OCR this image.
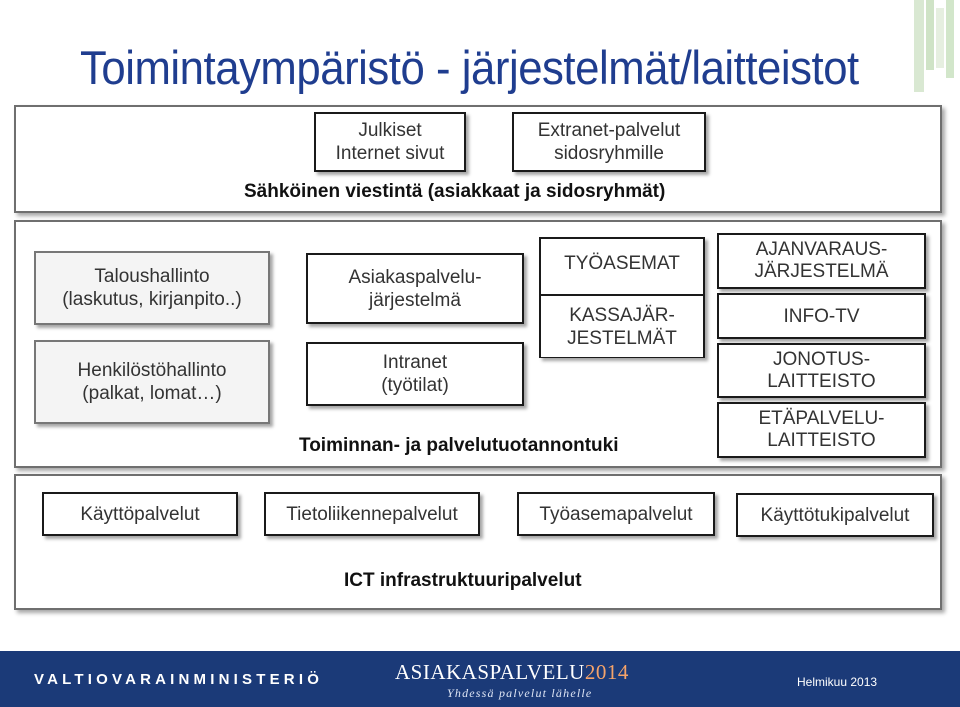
Toimintaympäristö - järjestelmät/laitteistot
Julkiset
Internet sivut
Extranet-palvelut
sidosryhmille
Sähköinen viestintä (asiakkaat ja sidosryhmät)
Taloushallinto
(laskutus, kirjanpito..)
Henkilöstöhallinto
(palkat, lomat…)
Asiakaspalvelu-
järjestelmä
Intranet
(työtilat)
TYÖASEMAT
KASSAJÄR-
JESTELMÄT
AJANVARAUS-
JÄRJESTELMÄ
INFO-TV
JONOTUS-
LAITTEISTO
ETÄPALVELU-
LAITTEISTO
Toiminnan- ja palvelutuotannontuki
Käyttöpalvelut	Tietoliikennepalvelut	Työasemapalvelut	Käyttötukipalvelut
ICT infrastruktuuripalvelut
VALTIOVARAINMINISTERIÖ	ASIAKASPALVELU2014
Yhdessä palvelut lähelle
Helmikuu 2013
